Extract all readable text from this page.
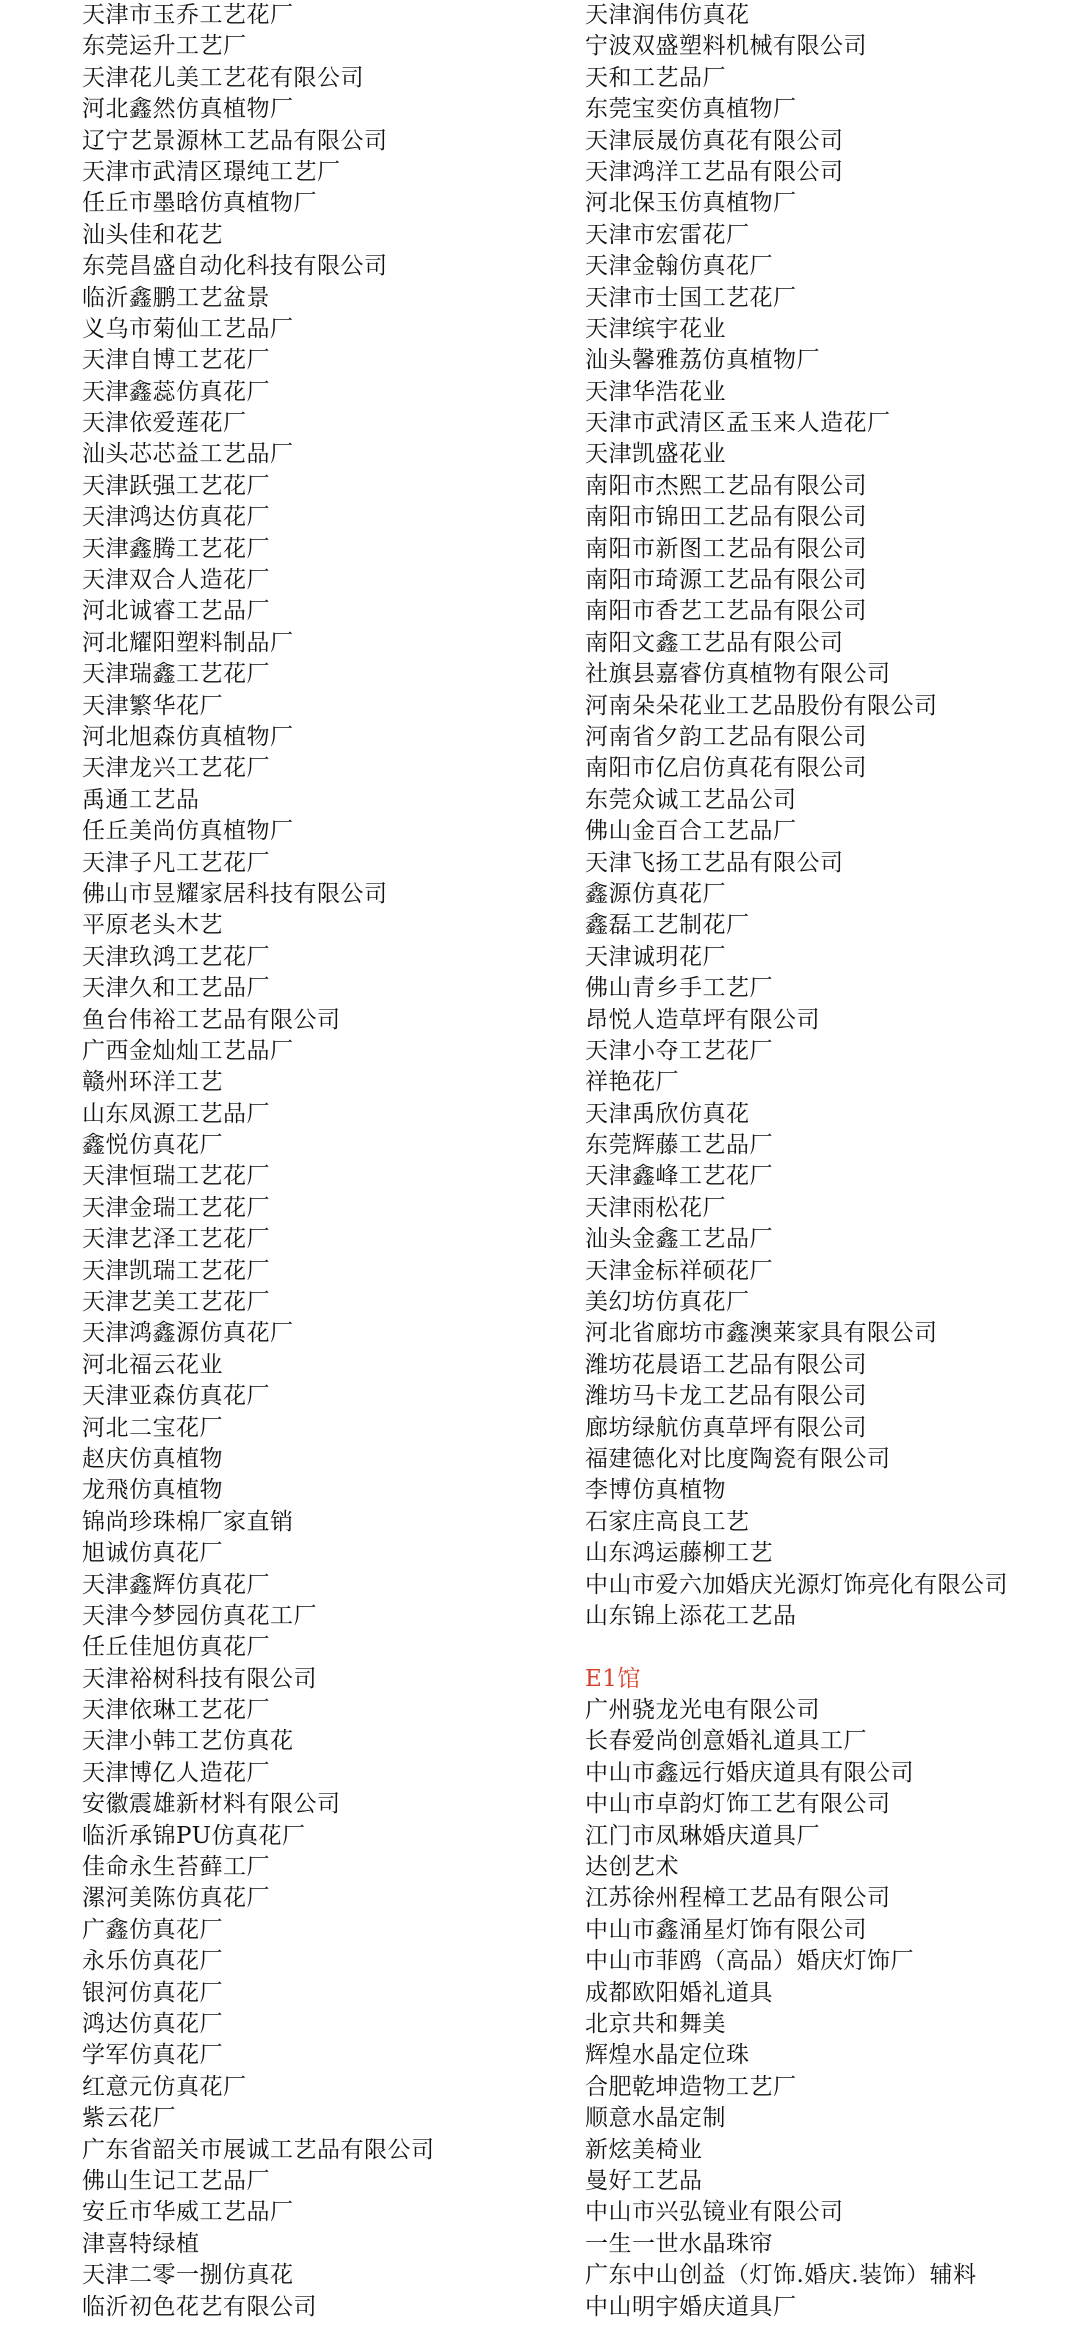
天津市玉乔工艺花厂
东莞运升工艺厂
天津花儿美工艺花有限公司
河北鑫然仿真植物厂
辽宁艺景源林工艺品有限公司
天津市武清区璟纯工艺厂
任丘市墨晗仿真植物厂
汕头佳和花艺
东莞昌盛自动化科技有限公司
临沂鑫鹏工艺盆景
义乌市菊仙工艺品厂
天津自博工艺花厂
天津鑫蕊仿真花厂
天津依爱莲花厂
汕头芯芯益工艺品厂
天津跃强工艺花厂
天津鸿达仿真花厂
天津鑫腾工艺花厂
天津双合人造花厂
河北诚睿工艺品厂
河北耀阳塑料制品厂
天津瑞鑫工艺花厂
天津繁华花厂
河北旭森仿真植物厂
天津龙兴工艺花厂
禹通工艺品
任丘美尚仿真植物厂
天津子凡工艺花厂
佛山市昱耀家居科技有限公司
平原老头木艺
天津玖鸿工艺花厂
天津久和工艺品厂
鱼台伟裕工艺品有限公司
广西金灿灿工艺品厂
赣州环洋工艺
山东凤源工艺品厂
鑫悦仿真花厂
天津恒瑞工艺花厂
天津金瑞工艺花厂
天津艺泽工艺花厂
天津凯瑞工艺花厂
天津艺美工艺花厂
天津鸿鑫源仿真花厂
河北福云花业
天津亚森仿真花厂
河北二宝花厂
赵庆仿真植物
龙飛仿真植物
锦尚珍珠棉厂家直销
旭诚仿真花厂
天津鑫辉仿真花厂
天津今梦园仿真花工厂
任丘佳旭仿真花厂
天津裕树科技有限公司
天津依琳工艺花厂
天津小韩工艺仿真花
天津博亿人造花厂
安徽震雄新材料有限公司
临沂承锦PU仿真花厂
佳命永生苔藓工厂
漯河美陈仿真花厂
广鑫仿真花厂
永乐仿真花厂
银河仿真花厂
鸿达仿真花厂
学军仿真花厂
红意元仿真花厂
紫云花厂
广东省韶关市展诚工艺品有限公司
佛山生记工艺品厂
安丘市华威工艺品厂
津喜特绿植
天津二零一捌仿真花
临沂初色花艺有限公司
天津润伟仿真花
宁波双盛塑料机械有限公司
天和工艺品厂
东莞宝奕仿真植物厂
天津辰晟仿真花有限公司
天津鸿洋工艺品有限公司
河北保玉仿真植物厂
天津市宏雷花厂
天津金翰仿真花厂
天津市士国工艺花厂
天津缤宇花业
汕头馨雅荔仿真植物厂
天津华浩花业
天津市武清区孟玉来人造花厂
天津凯盛花业
南阳市杰熙工艺品有限公司
南阳市锦田工艺品有限公司
南阳市新图工艺品有限公司
南阳市琦源工艺品有限公司
南阳市香艺工艺品有限公司
南阳文鑫工艺品有限公司
社旗县嘉睿仿真植物有限公司
河南朵朵花业工艺品股份有限公司
河南省夕韵工艺品有限公司
南阳市亿启仿真花有限公司
东莞众诚工艺品公司
佛山金百合工艺品厂
天津飞扬工艺品有限公司
鑫源仿真花厂
鑫磊工艺制花厂
天津诚玥花厂
佛山青乡手工艺厂
昂悦人造草坪有限公司
天津小夺工艺花厂
祥艳花厂
天津禹欣仿真花
东莞辉藤工艺品厂
天津鑫峰工艺花厂
天津雨松花厂
汕头金鑫工艺品厂
天津金标祥硕花厂
美幻坊仿真花厂
河北省廊坊市鑫澳莱家具有限公司
潍坊花晨语工艺品有限公司
潍坊马卡龙工艺品有限公司
廊坊绿航仿真草坪有限公司
福建德化对比度陶瓷有限公司
李博仿真植物
石家庄高良工艺
山东鸿运藤柳工艺
中山市爱六加婚庆光源灯饰亮化有限公司
山东锦上添花工艺品
E1馆
广州骁龙光电有限公司
长春爱尚创意婚礼道具工厂
中山市鑫远行婚庆道具有限公司
中山市卓韵灯饰工艺有限公司
江门市凤琳婚庆道具厂
达创艺术
江苏徐州程樟工艺品有限公司
中山市鑫涌星灯饰有限公司
中山市菲鸥（高品）婚庆灯饰厂
成都欧阳婚礼道具
北京共和舞美
辉煌水晶定位珠
合肥乾坤造物工艺厂
顺意水晶定制
新炫美椅业
曼好工艺品
中山市兴弘镜业有限公司
一生一世水晶珠帘
广东中山创益（灯饰.婚庆.装饰）辅料
中山明宇婚庆道具厂
